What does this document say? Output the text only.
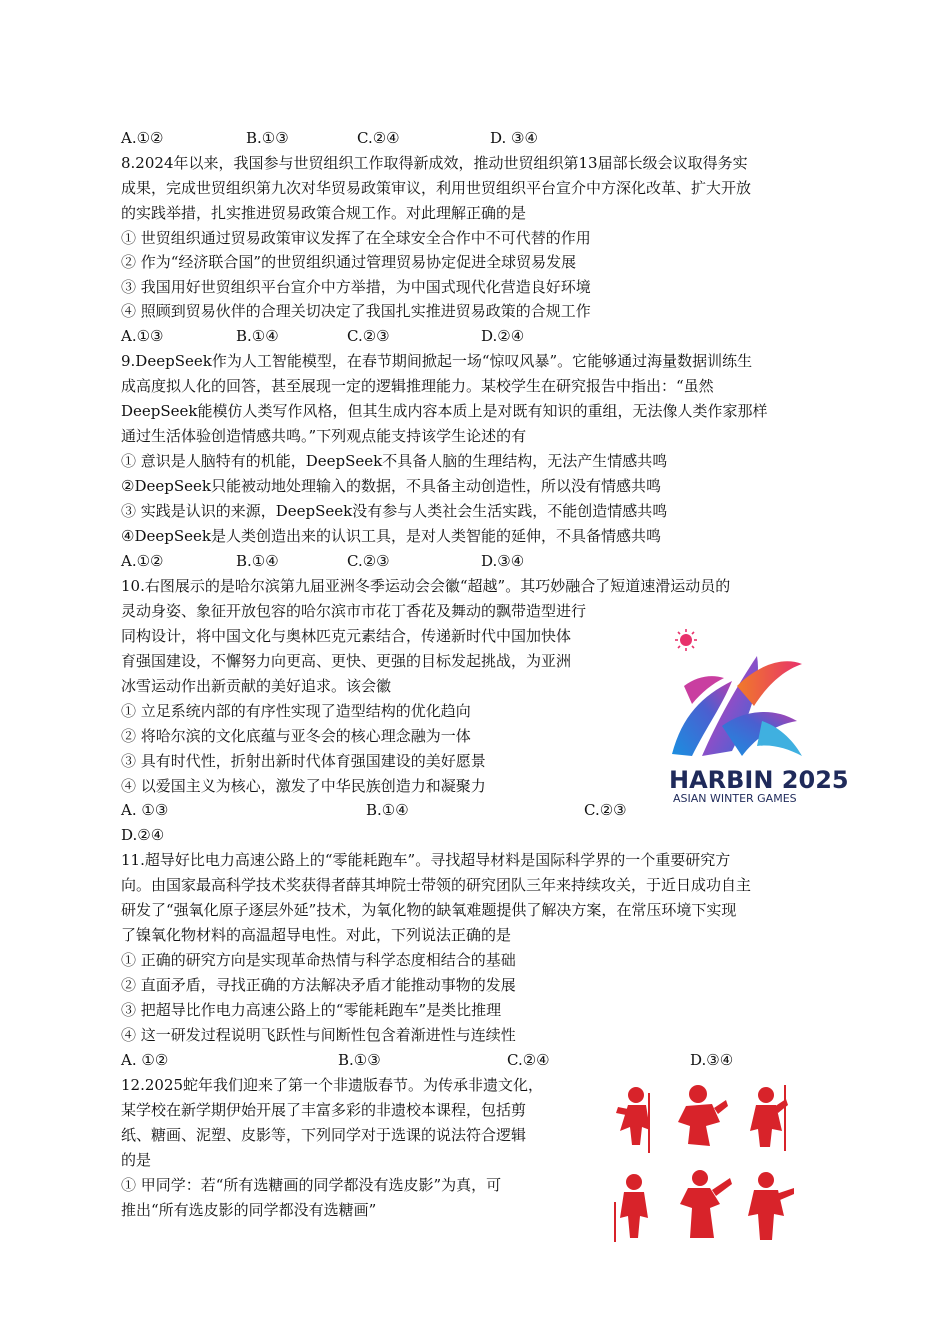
A.①②	B.①③	C.②④	D. ③④
8.2024年以来，我国参与世贸组织工作取得新成效，推动世贸组织第13届部长级会议取得务实
成果，完成世贸组织第九次对华贸易政策审议，利用世贸组织平台宣介中方深化改革、扩大开放
的实践举措，扎实推进贸易政策合规工作。对此理解正确的是
① 世贸组织通过贸易政策审议发挥了在全球安全合作中不可代替的作用
② 作为“经济联合国”的世贸组织通过管理贸易协定促进全球贸易发展
③ 我国用好世贸组织平台宣介中方举措，为中国式现代化营造良好环境
④ 照顾到贸易伙伴的合理关切决定了我国扎实推进贸易政策的合规工作
A.①③	B.①④	C.②③	D.②④
9.DeepSeek作为人工智能模型，在春节期间掀起一场“惊叹风暴”。它能够通过海量数据训练生
成高度拟人化的回答，甚至展现一定的逻辑推理能力。某校学生在研究报告中指出：“虽然
DeepSeek能模仿人类写作风格，但其生成内容本质上是对既有知识的重组，无法像人类作家那样
通过生活体验创造情感共鸣。”下列观点能支持该学生论述的有
① 意识是人脑特有的机能，DeepSeek不具备人脑的生理结构，无法产生情感共鸣
②DeepSeek只能被动地处理输入的数据，不具备主动创造性，所以没有情感共鸣
③ 实践是认识的来源，DeepSeek没有参与人类社会生活实践，不能创造情感共鸣
④DeepSeek是人类创造出来的认识工具，是对人类智能的延伸，不具备情感共鸣
A.①②	B.①④	C.②③	D.③④
10.右图展示的是哈尔滨第九届亚洲冬季运动会会徽“超越”。其巧妙融合了短道速滑运动员的
灵动身姿、象征开放包容的哈尔滨市市花丁香花及舞动的飘带造型进行
同构设计，将中国文化与奥林匹克元素结合，传递新时代中国加快体
育强国建设，不懈努力向更高、更快、更强的目标发起挑战，为亚洲
冰雪运动作出新贡献的美好追求。该会徽
① 立足系统内部的有序性实现了造型结构的优化趋向
② 将哈尔滨的文化底蕴与亚冬会的核心理念融为一体
③ 具有时代性，折射出新时代体育强国建设的美好愿景
④ 以爱国主义为核心，激发了中华民族创造力和凝聚力
A. ①③	B.①④	C.②③
D.②④
HARBIN 2025
ASIAN WINTER GAMES
11.超导好比电力高速公路上的“零能耗跑车”。寻找超导材料是国际科学界的一个重要研究方
向。由国家最高科学技术奖获得者薛其坤院士带领的研究团队三年来持续攻关，于近日成功自主
研发了“强氧化原子逐层外延”技术，为氧化物的缺氧难题提供了解决方案，在常压环境下实现
了镍氧化物材料的高温超导电性。对此，下列说法正确的是
① 正确的研究方向是实现革命热情与科学态度相结合的基础
② 直面矛盾，寻找正确的方法解决矛盾才能推动事物的发展
③ 把超导比作电力高速公路上的“零能耗跑车”是类比推理
④ 这一研发过程说明飞跃性与间断性包含着渐进性与连续性
A. ①②	B.①③	C.②④	D.③④
12.2025蛇年我们迎来了第一个非遗版春节。为传承非遗文化，
某学校在新学期伊始开展了丰富多彩的非遗校本课程，包括剪
纸、糖画、泥塑、皮影等，下列同学对于选课的说法符合逻辑
的是
① 甲同学：若“所有选糖画的同学都没有选皮影”为真，可
推出“所有选皮影的同学都没有选糖画”
